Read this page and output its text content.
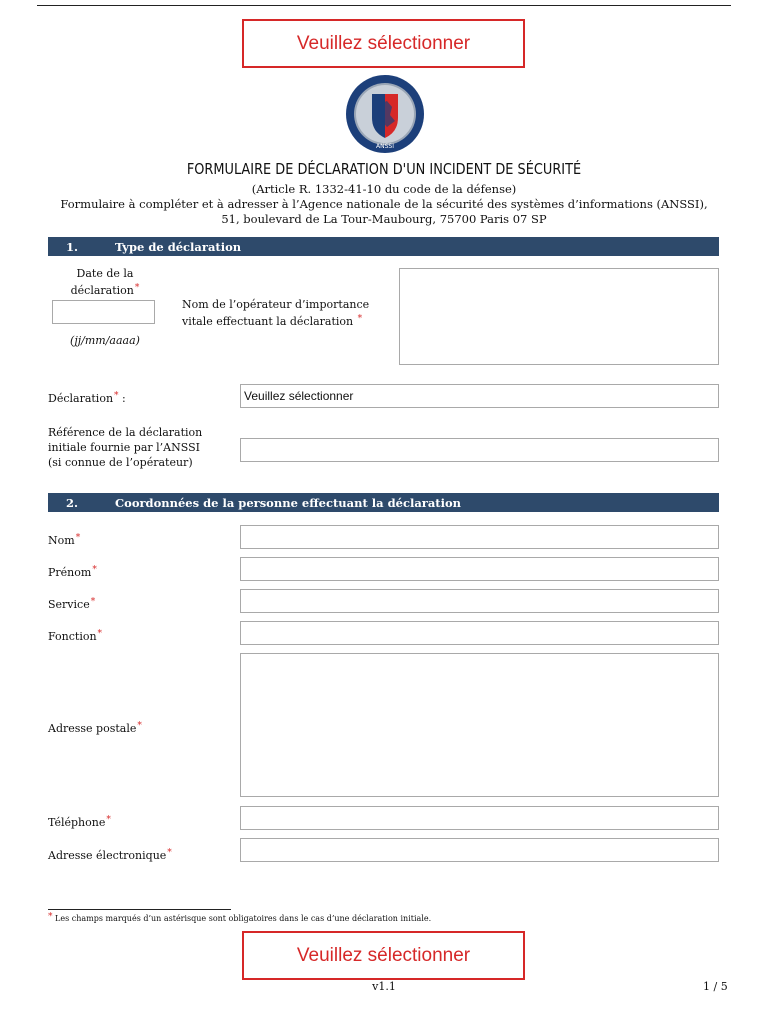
Veuillez sélectionner
ANSSI
FORMULAIRE DE DÉCLARATION D'UN INCIDENT DE SÉCURITÉ
(Article R. 1332-41-10 du code de la défense)
Formulaire à compléter et à adresser à l’Agence nationale de la sécurité des systèmes d’informations (ANSSI),
51, boulevard de La Tour-Maubourg, 75700 Paris 07 SP
1.	Type de déclaration
Date de la
déclaration*
(jj/mm/aaaa)
Nom de l’opérateur d’importance
vitale effectuant la déclaration *
Déclaration* :	Veuillez sélectionner
Référence de la déclaration
initiale fournie par l’ANSSI
(si connue de l’opérateur)
2.	Coordonnées de la personne effectuant la déclaration
Nom*
Prénom*
Service*
Fonction*
Adresse postale*
Téléphone*
Adresse électronique*
* Les champs marqués d’un astérisque sont obligatoires dans le cas d’une déclaration initiale.
Veuillez sélectionner
v1.1	1 / 5
